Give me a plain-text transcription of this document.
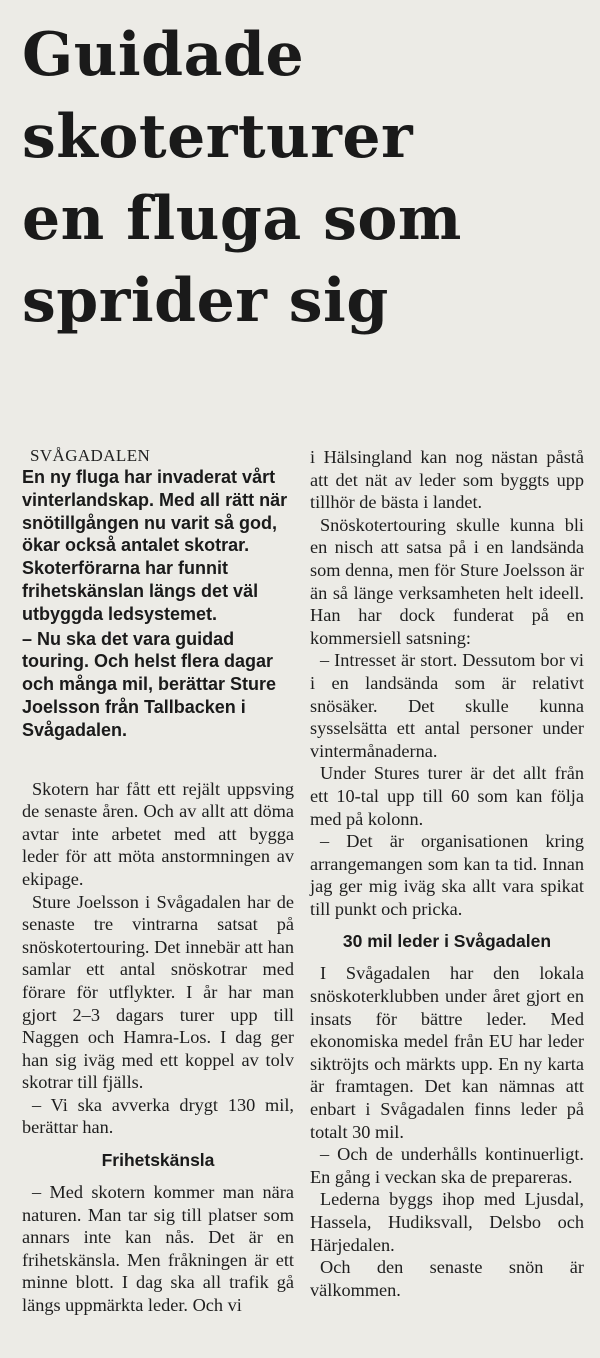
Guidade
skoterturer
en fluga som
sprider sig

SVÅGADALEN

En ny fluga har invaderat vårt vinterlandskap. Med all rätt när snötillgången nu varit så god, ökar också antalet skotrar. Skoterförarna har funnit frihetskänslan längs det väl utbyggda ledsystemet.

– Nu ska det vara guidad touring. Och helst flera dagar och många mil, berättar Sture Joelsson från Tallbacken i Svågadalen.

Skotern har fått ett rejält uppsving de senaste åren. Och av allt att döma avtar inte arbetet med att bygga leder för att möta anstormningen av ekipage.

Sture Joelsson i Svågadalen har de senaste tre vintrarna satsat på snöskotertouring. Det innebär att han samlar ett antal snöskotrar med förare för utflykter. I år har man gjort 2–3 dagars turer upp till Naggen och Hamra-Los. I dag ger han sig iväg med ett koppel av tolv skotrar till fjälls.

– Vi ska avverka drygt 130 mil, berättar han.

Frihetskänsla

– Med skotern kommer man nära naturen. Man tar sig till platser som annars inte kan nås. Det är en frihetskänsla. Men fråkningen är ett minne blott. I dag ska all trafik gå längs uppmärkta leder. Och vi

i Hälsingland kan nog nästan påstå att det nät av leder som byggts upp tillhör de bästa i landet.

Snöskotertouring skulle kunna bli en nisch att satsa på i en landsända som denna, men för Sture Joelsson är än så länge verksamheten helt ideell. Han har dock funderat på en kommersiell satsning:

– Intresset är stort. Dessutom bor vi i en landsända som är relativt snösäker. Det skulle kunna sysselsätta ett antal personer under vintermånaderna.

Under Stures turer är det allt från ett 10-tal upp till 60 som kan följa med på kolonn.

– Det är organisationen kring arrangemangen som kan ta tid. Innan jag ger mig iväg ska allt vara spikat till punkt och pricka.

30 mil leder i Svågadalen

I Svågadalen har den lokala snöskoterklubben under året gjort en insats för bättre leder. Med ekonomiska medel från EU har leder siktröjts och märkts upp. En ny karta är framtagen. Det kan nämnas att enbart i Svågadalen finns leder på totalt 30 mil.

– Och de underhålls kontinuerligt. En gång i veckan ska de prepareras.

Lederna byggs ihop med Ljusdal, Hassela, Hudiksvall, Delsbo och Härjedalen.

Och den senaste snön är välkommen.
